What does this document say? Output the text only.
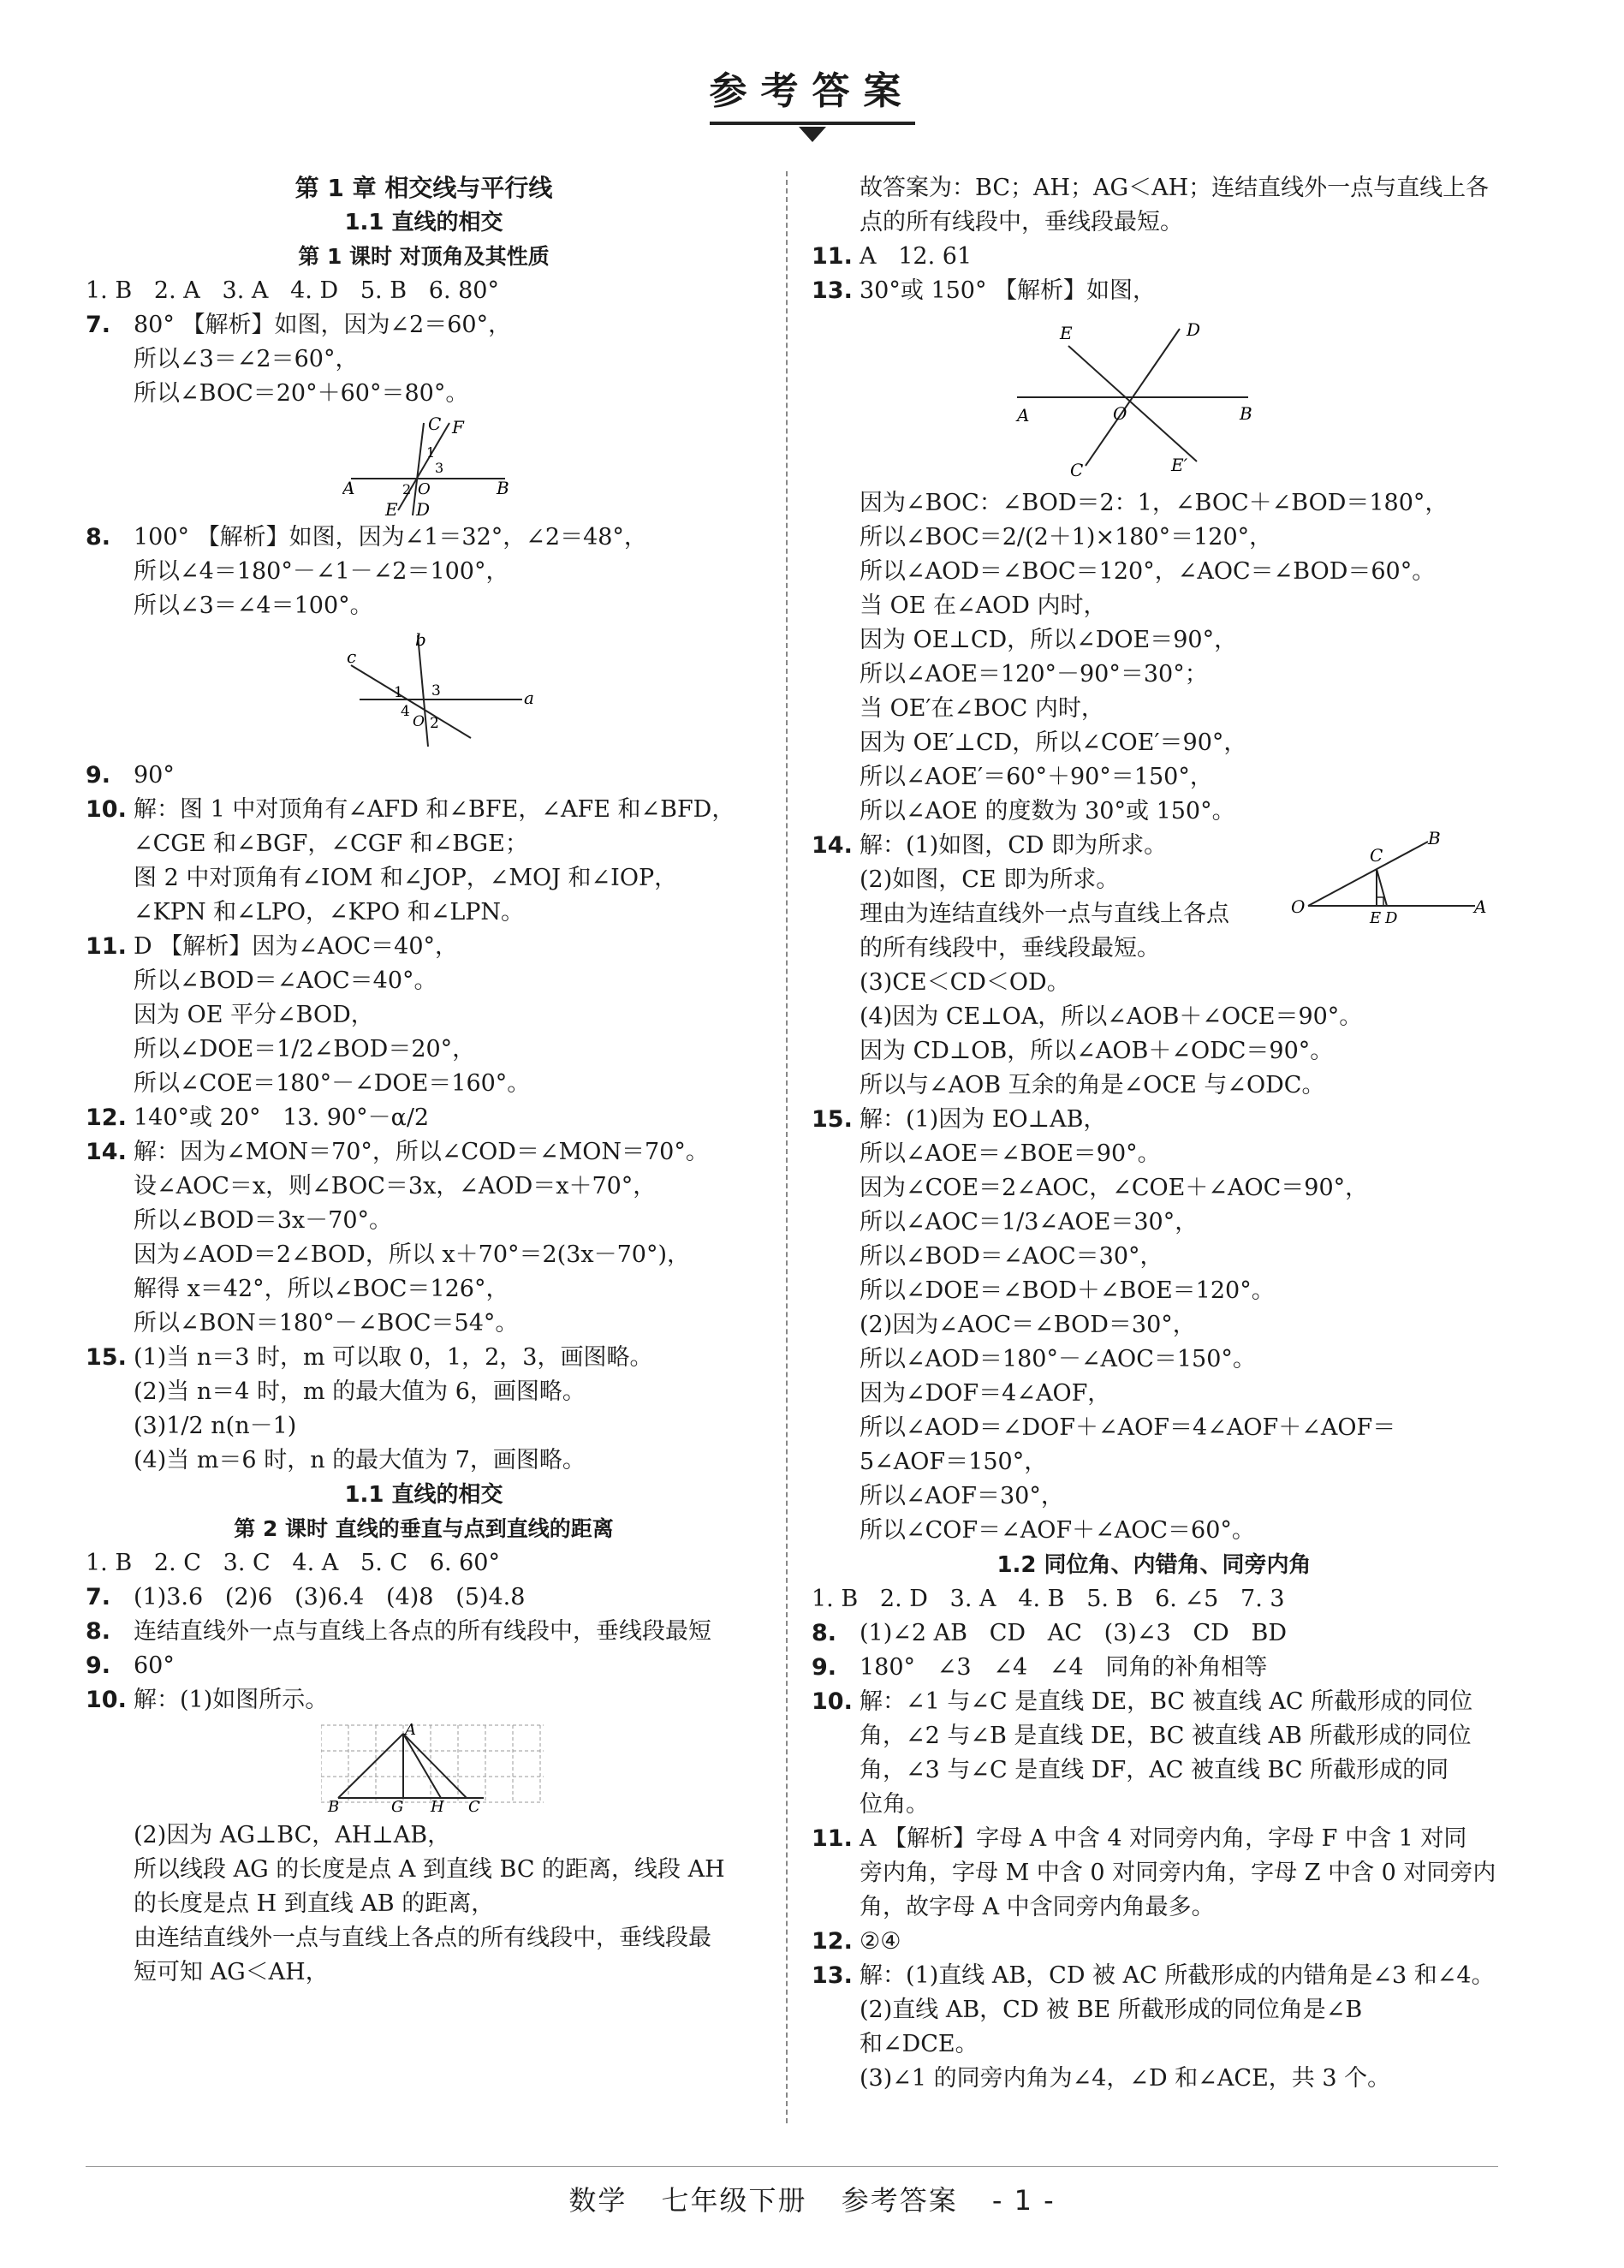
参考答案
第 1 章 相交线与平行线
1.1 直线的相交
第 1 课时 对顶角及其性质
1. B   2. A   3. A   4. D   5. B   6. 80°
7. 80° 【解析】如图，因为∠2＝60°，
所以∠3＝∠2＝60°，
所以∠BOC＝20°＋60°＝80°。
C F
1
3
A	2 O	B
E D
8. 100° 【解析】如图，因为∠1＝32°，∠2＝48°，
所以∠4＝180°－∠1－∠2＝100°，
所以∠3＝∠4＝100°。
b
c
1 3
4
O 2
a
9. 90°
10. 解：图 1 中对顶角有∠AFD 和∠BFE，∠AFE 和∠BFD，
∠CGE 和∠BGF，∠CGF 和∠BGE；
图 2 中对顶角有∠IOM 和∠JOP，∠MOJ 和∠IOP，
∠KPN 和∠LPO，∠KPO 和∠LPN。
11. D 【解析】因为∠AOC＝40°，
所以∠BOD＝∠AOC＝40°。
因为 OE 平分∠BOD，
所以∠DOE＝1/2∠BOD＝20°，
所以∠COE＝180°－∠DOE＝160°。
12. 140°或 20°   13. 90°－α/2
14. 解：因为∠MON＝70°，所以∠COD＝∠MON＝70°。
设∠AOC＝x，则∠BOC＝3x，∠AOD＝x＋70°，
所以∠BOD＝3x－70°。
因为∠AOD＝2∠BOD，所以 x＋70°＝2(3x－70°)，
解得 x＝42°，所以∠BOC＝126°，
所以∠BON＝180°－∠BOC＝54°。
15. (1)当 n＝3 时，m 可以取 0，1，2，3，画图略。
(2)当 n＝4 时，m 的最大值为 6，画图略。
(3)1/2 n(n－1)
(4)当 m＝6 时，n 的最大值为 7，画图略。
1.1 直线的相交
第 2 课时 直线的垂直与点到直线的距离
1. B   2. C   3. C   4. A   5. C   6. 60°
7. (1)3.6   (2)6   (3)6.4   (4)8   (5)4.8
8. 连结直线外一点与直线上各点的所有线段中，垂线段最短
9. 60°
10. 解：(1)如图所示。
A
B	G H C
(2)因为 AG⊥BC，AH⊥AB，
所以线段 AG 的长度是点 A 到直线 BC 的距离，线段 AH
的长度是点 H 到直线 AB 的距离，
由连结直线外一点与直线上各点的所有线段中，垂线段最
短可知 AG＜AH，
故答案为：BC；AH；AG＜AH；连结直线外一点与直线上各
点的所有线段中，垂线段最短。
11. A   12. 61
13. 30°或 150° 【解析】如图，
E	D
A	O	B
C	E′
因为∠BOC：∠BOD＝2：1，∠BOC＋∠BOD＝180°，
所以∠BOC＝2/(2＋1)×180°＝120°，
所以∠AOD＝∠BOC＝120°，∠AOC＝∠BOD＝60°。
当 OE 在∠AOD 内时，
因为 OE⊥CD，所以∠DOE＝90°，
所以∠AOE＝120°－90°＝30°；
当 OE′在∠BOC 内时，
因为 OE′⊥CD，所以∠COE′＝90°，
所以∠AOE′＝60°＋90°＝150°，
所以∠AOE 的度数为 30°或 150°。
14. 解：(1)如图，CD 即为所求。
(2)如图，CE 即为所求。
理由为连结直线外一点与直线上各点
的所有线段中，垂线段最短。
(3)CE＜CD＜OD。
(4)因为 CE⊥OA，所以∠AOB＋∠OCE＝90°。
因为 CD⊥OB，所以∠AOB＋∠ODC＝90°。
所以与∠AOB 互余的角是∠OCE 与∠ODC。
B
C
O
E D
A
15. 解：(1)因为 EO⊥AB，
所以∠AOE＝∠BOE＝90°。
因为∠COE＝2∠AOC，∠COE＋∠AOC＝90°，
所以∠AOC＝1/3∠AOE＝30°，
所以∠BOD＝∠AOC＝30°，
所以∠DOE＝∠BOD＋∠BOE＝120°。
(2)因为∠AOC＝∠BOD＝30°，
所以∠AOD＝180°－∠AOC＝150°。
因为∠DOF＝4∠AOF，
所以∠AOD＝∠DOF＋∠AOF＝4∠AOF＋∠AOF＝
5∠AOF＝150°，
所以∠AOF＝30°，
所以∠COF＝∠AOF＋∠AOC＝60°。
1.2 同位角、内错角、同旁内角
1. B   2. D   3. A   4. B   5. B   6. ∠5   7. 3
8. (1)∠2 AB   CD   AC   (3)∠3   CD   BD
9. 180°   ∠3   ∠4   ∠4   同角的补角相等
10. 解：∠1 与∠C 是直线 DE，BC 被直线 AC 所截形成的同位
角，∠2 与∠B 是直线 DE，BC 被直线 AB 所截形成的同位
角，∠3 与∠C 是直线 DF，AC 被直线 BC 所截形成的同
位角。
11. A 【解析】字母 A 中含 4 对同旁内角，字母 F 中含 1 对同
旁内角，字母 M 中含 0 对同旁内角，字母 Z 中含 0 对同旁内
角，故字母 A 中含同旁内角最多。
12. ②④
13. 解：(1)直线 AB，CD 被 AC 所截形成的内错角是∠3 和∠4。
(2)直线 AB，CD 被 BE 所截形成的同位角是∠B
和∠DCE。
(3)∠1 的同旁内角为∠4，∠D 和∠ACE，共 3 个。
数学 七年级下册 参考答案 - 1 -
